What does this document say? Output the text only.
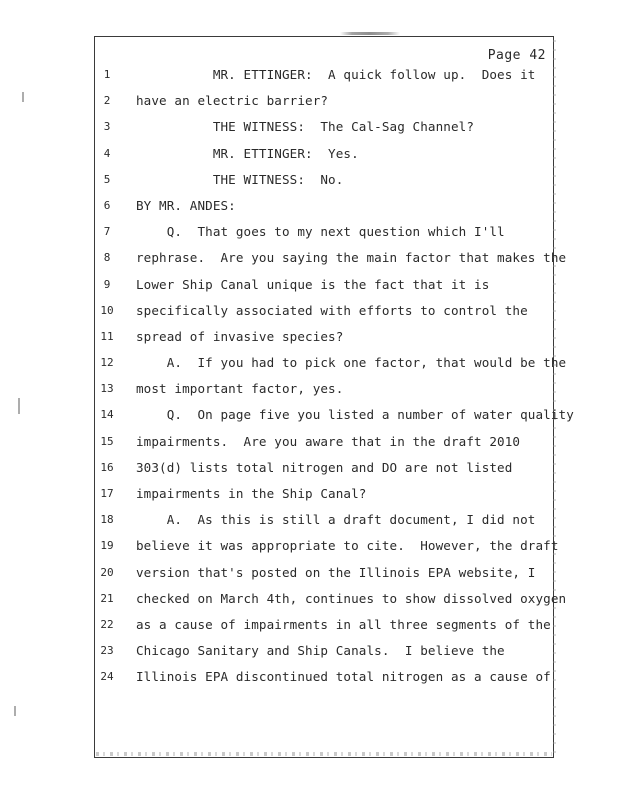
Page 42
1	MR. ETTINGER:  A quick follow up.  Does it
2	have an electric barrier?
3	THE WITNESS:  The Cal-Sag Channel?
4	MR. ETTINGER:  Yes.
5	THE WITNESS:  No.
6	BY MR. ANDES:
7	Q.  That goes to my next question which I'll
8	rephrase.  Are you saying the main factor that makes the
9	Lower Ship Canal unique is the fact that it is
10	specifically associated with efforts to control the
11	spread of invasive species?
12	A.  If you had to pick one factor, that would be the
13	most important factor, yes.
14	Q.  On page five you listed a number of water quality
15	impairments.  Are you aware that in the draft 2010
16	303(d) lists total nitrogen and DO are not listed
17	impairments in the Ship Canal?
18	A.  As this is still a draft document, I did not
19	believe it was appropriate to cite.  However, the draft
20	version that's posted on the Illinois EPA website, I
21	checked on March 4th, continues to show dissolved oxygen
22	as a cause of impairments in all three segments of the
23	Chicago Sanitary and Ship Canals.  I believe the
24	Illinois EPA discontinued total nitrogen as a cause of
